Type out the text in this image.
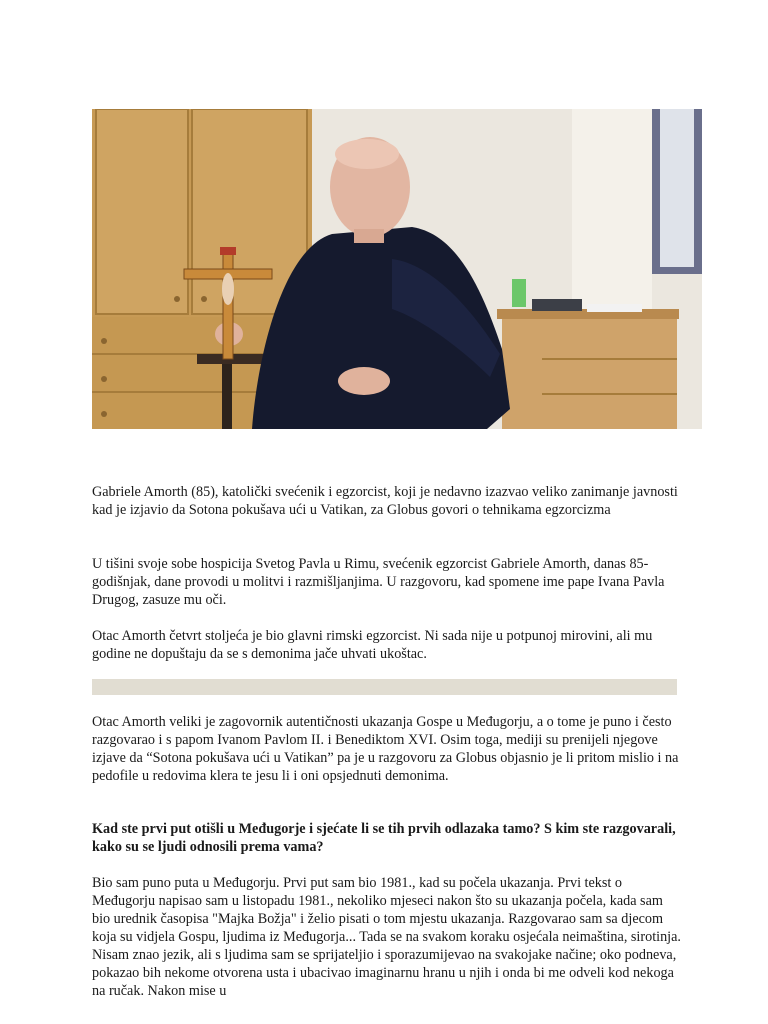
Gabriele Amorth (85), katolički svećenik i egzorcist, koji je nedavno izazvao veliko zanimanje javnosti kad je izjavio da Sotona pokušava ući u Vatikan, za Globus govori o tehnikama egzorcizma

U tišini svoje sobe hospicija Svetog Pavla u Rimu, svećenik egzorcist Gabriele Amorth, danas 85-godišnjak, dane provodi u molitvi i razmišljanjima. U razgovoru, kad spomene ime pape Ivana Pavla Drugog, zasuze mu oči.

Otac Amorth četvrt stoljeća je bio glavni rimski egzorcist. Ni sada nije u potpunoj mirovini, ali mu godine ne dopuštaju da se s demonima jače uhvati ukoštac.

Otac Amorth veliki je zagovornik autentičnosti ukazanja Gospe u Međugorju, a o tome je puno i često razgovarao i s papom Ivanom Pavlom II. i Benediktom XVI. Osim toga, mediji su prenijeli njegove izjave da “Sotona pokušava ući u Vatikan” pa je u razgovoru za Globus objasnio je li pritom mislio i na pedofile u redovima klera te jesu li i oni opsjednuti demonima.

Kad ste prvi put otišli u Međugorje i sjećate li se tih prvih odlazaka tamo? S kim ste razgovarali, kako su se ljudi odnosili prema vama?

Bio sam puno puta u Međugorju. Prvi put sam bio 1981., kad su počela ukazanja. Prvi tekst o Međugorju napisao sam u listopadu 1981., nekoliko mjeseci nakon što su ukazanja počela, kada sam bio urednik časopisa "Majka Božja" i želio pisati o tom mjestu ukazanja. Razgovarao sam sa djecom koja su vidjela Gospu, ljudima iz Međugorja... Tada se na svakom koraku osjećala neimaština, sirotinja. Nisam znao jezik, ali s ljudima sam se sprijateljio i sporazumijevao na svakojake načine; oko podneva, pokazao bih nekome otvorena usta i ubacivao imaginarnu hranu u njih i onda bi me odveli kod nekoga na ručak. Nakon mise u
